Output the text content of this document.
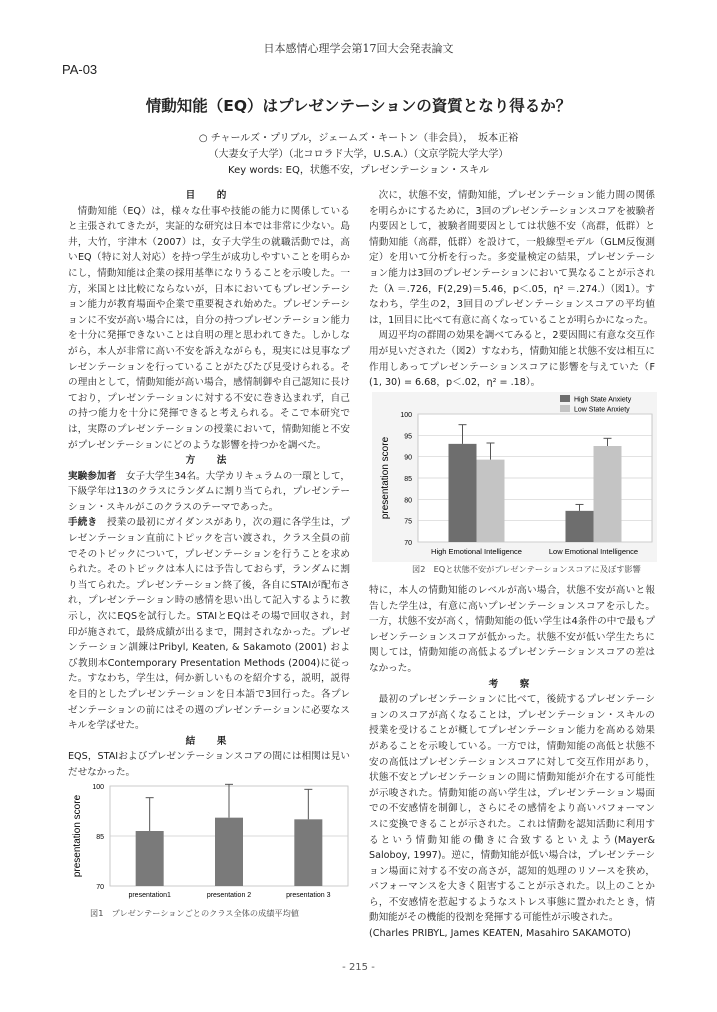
日本感情心理学会第17回大会発表論文
PA-03
情動知能（EQ）はプレゼンテーションの資質となり得るか？
○ チャールズ・プリブル，ジェームズ・キートン（非会員），　坂本正裕
（大妻女子大学）（北コロラド大学，U.S.A.）（文京学院大学大学）
Key words: EQ，状態不安，プレゼンテーション・スキル

目　的

情動知能（EQ）は，様々な仕事や技能の能力に関係していると主張されてきたが，実証的な研究は日本では非常に少ない。島井，大竹，宇津木（2007）は，女子大学生の就職活動では，高いEQ（特に対人対応）を持つ学生が成功しやすいことを明らかにし，情動知能は企業の採用基準になりうることを示唆した。一方，米国とは比較にならないが，日本においてもプレゼンテーション能力が教育場面や企業で重要視され始めた。プレゼンテーションに不安が高い場合には，自分の持つプレゼンテーション能力を十分に発揮できないことは自明の理と思われてきた。しかしながら，本人が非常に高い不安を訴えながらも，現実には見事なプレゼンテーションを行っていることがたびたび見受けられる。その理由として，情動知能が高い場合，感情制御や自己認知に長けており，プレゼンテーションに対する不安に巻き込まれず，自己の持つ能力を十分に発揮できると考えられる。そこで本研究では，実際のプレゼンテーションの授業において，情動知能と不安がプレゼンテーションにどのような影響を持つかを調べた。

方　法

実験参加者　 女子大学生34名。大学カリキュラムの一環として，下級学年は13のクラスにランダムに割り当てられ，プレゼンテーション・スキルがこのクラスのテーマであった。

手続き　 授業の最初にガイダンスがあり，次の週に各学生は，プレゼンテーション直前にトピックを言い渡され，クラス全員の前でそのトピックについて，プレゼンテーションを行うことを求められた。そのトピックは本人には予告しておらず，ランダムに割り当てられた。プレゼンテーション終了後，各自にSTAIが配布され，プレゼンテーション時の感情を思い出して記入するように教示し，次にEQSを試行した。STAIとEQはその場で回収され，封印が施されて，最終成績が出るまで，開封されなかった。プレゼンテーション訓練はPribyl, Keaten, & Sakamoto (2001) および教則本Contemporary Presentation Methods (2004)に従った。すなわち，学生は，何か新しいものを紹介する，説明，説得を目的としたプレゼンテーションを日本語で3回行った。各プレゼンテーションの前にはその週のプレゼンテーションに必要なスキルを学ばせた。

結　果

EQS，STAIおよびプレゼンテーションスコアの間には相関は見いだせなかった。

70
85
100
presentation score
presentation1	presentation 2	presentation 3
図1　プレゼンテーションごとのクラス全体の成績平均値

次に，状態不安，情動知能，プレゼンテーション能力間の関係を明らかにするために，3回のプレゼンテーションスコアを被験者内要因として，被験者間要因としては状態不安（高群，低群）と情動知能（高群，低群）を設けて，一般線型モデル（GLM反復測定）を用いて分析を行った。多変量検定の結果，プレゼンテーション能力は3回のプレゼンテーションにおいて異なることが示された（λ ＝.726，F(2,29)＝5.46，p＜.05，η² ＝.274.）（図1）。すなわち，学生の2，3回目のプレゼンテーションスコアの平均値は，1回目に比べて有意に高くなっていることが明らかになった。

周辺平均の群間の効果を調べてみると，2要因間に有意な交互作用が見いだされた（図2）すなわち，情動知能と状態不安は相互に作用しあってプレゼンテーションスコアに影響を与えていた（F (1, 30) = 6.68，p＜.02，η² = .18）。

70
75
80
85
90
95
100
presentation score
High Emotional Intelligence	Low Emotional Intelligence
High State Anxiety
Low State Anxiety
図2　EQと状態不安がプレゼンテーションスコアに及ぼす影響

特に，本人の情動知能のレベルが高い場合，状態不安が高いと報告した学生は，有意に高いプレゼンテーションスコアを示した。一方，状態不安が高く，情動知能の低い学生は4条件の中で最もプレゼンテーションスコアが低かった。状態不安が低い学生たちに関しては，情動知能の高低よるプレゼンテーションスコアの差はなかった。

考　察

最初のプレゼンテーションに比べて，後続するプレゼンテーションのスコアが高くなることは，プレゼンテーション・スキルの授業を受けることが概してプレゼンテーション能力を高める効果があることを示唆している。一方では，情動知能の高低と状態不安の高低はプレゼンテーションスコアに対して交互作用があり，状態不安とプレゼンテーションの間に情動知能が介在する可能性が示唆された。情動知能の高い学生は，プレゼンテーション場面での不安感情を制御し，さらにその感情をより高いパフォーマンスに変換できることが示された。これは情動を認知活動に利用するという情動知能の働きに合致するといえよう(Mayer& Saloboy, 1997)。逆に，情動知能が低い場合は，プレゼンテーション場面に対する不安の高さが，認知的処理のリソースを狭め，パフォーマンスを大きく阻害することが示された。以上のことから，不安感情を惹起するようなストレス事態に置かれたとき，情動知能がその機能的役割を発揮する可能性が示唆された。

(Charles PRIBYL, James KEATEN, Masahiro SAKAMOTO)

- 215 -
